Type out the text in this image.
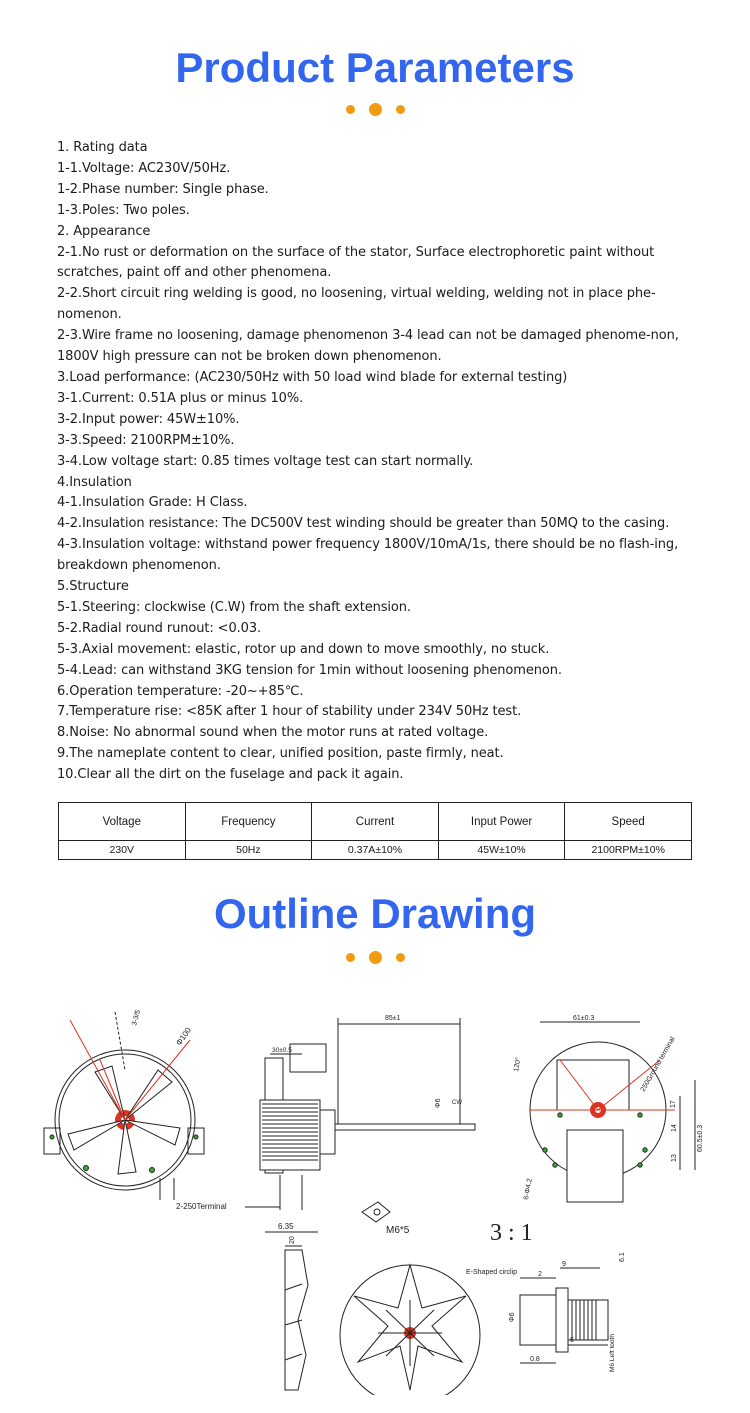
Product Parameters

1. Rating data

1-1.Voltage: AC230V/50Hz.

1-2.Phase number: Single phase.

1-3.Poles: Two poles.

2. Appearance

2-1.No rust or deformation on the surface of the stator, Surface electrophoretic paint without scratches, paint off and other phenomena.

2-2.Short circuit ring welding is good, no loosening, virtual welding, welding not in place phe-nomenon.

2-3.Wire frame no loosening, damage phenomenon 3-4 lead can not be damaged phenome-non, 1800V high pressure can not be broken down phenomenon.

3.Load performance: (AC230/50Hz with 50 load wind blade for external testing)

3-1.Current: 0.51A plus or minus 10%.

3-2.Input power: 45W±10%.

3-3.Speed: 2100RPM±10%.

3-4.Low voltage start: 0.85 times voltage test can start normally.

4.Insulation

4-1.Insulation Grade: H Class.

4-2.Insulation resistance: The DC500V test winding should be greater than 50MQ to the casing.

4-3.Insulation voltage: withstand power frequency 1800V/10mA/1s, there should be no flash-ing, breakdown phenomenon.

5.Structure

5-1.Steering: clockwise (C.W) from the shaft extension.

5-2.Radial round runout: <0.03.

5-3.Axial movement: elastic, rotor up and down to move smoothly, no stuck.

5-4.Lead: can withstand 3KG tension for 1min without loosening phenomenon.

6.Operation temperature: -20~+85℃.

7.Temperature rise: <85K after 1 hour of stability under 234V 50Hz test.

8.Noise: No abnormal sound when the motor runs at rated voltage.

9.The nameplate content to clear, unified position, paste firmly, neat.

10.Clear all the dirt on the fuselage and pack it again.

Voltage	Frequency	Current	Input Power	Speed
230V	50Hz	0.37A±10%	45W±10%	2100RPM±10%
Outline Drawing
Φ100
3-3/5	85±1
30±0.5
Φ6 CW
2-250Terminal
6.35	M6*5	3 : 1
61±0.3
250Ground terminal
120°
17
14
13
60.5±0.3
6-Φ4.2
20
E-Shaped circlip	2
9
6.1
Φ6
6
0.8	M6 Left tooth
